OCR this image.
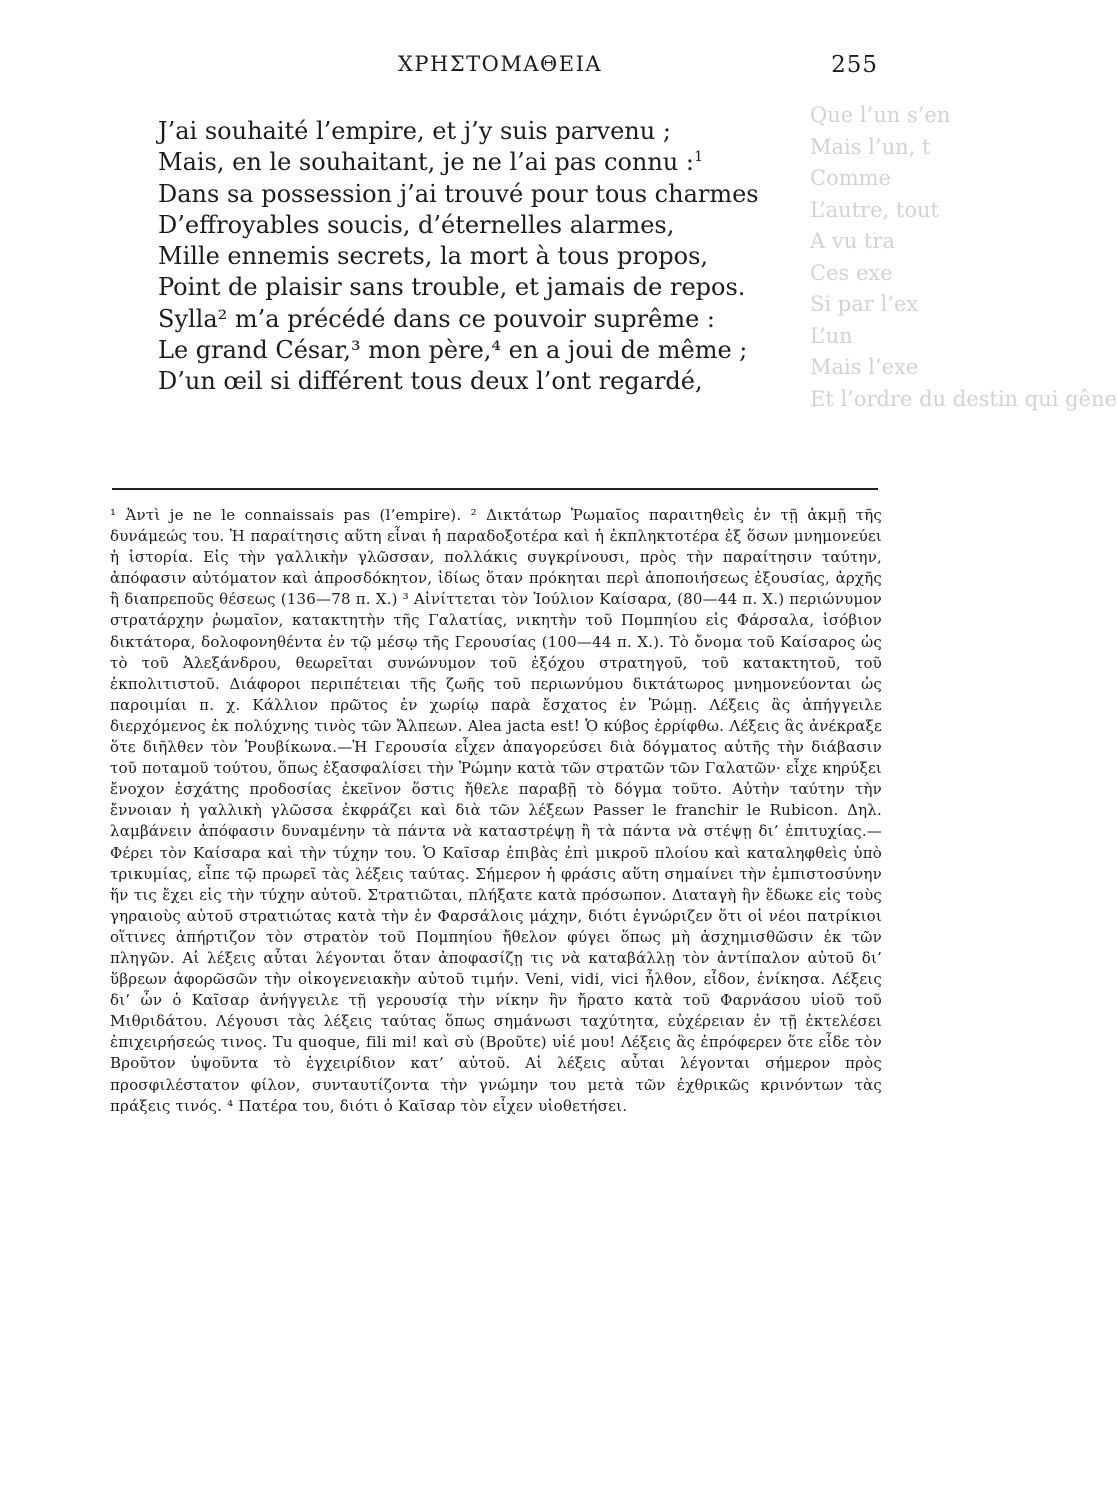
Que l’un s’en
Mais l’un, t
Comme
L’autre, tout
A vu tra
Ces exe
Si par l’ex
L’un
Mais l’exe
Et l’ordre du destin qui gêne
ΧΡΗΣΤΟΜΑΘΕΙΑ	255
J’ai souhaité l’empire, et j’y suis parvenu ;
Mais, en le souhaitant, je ne l’ai pas connu :$^1$
Dans sa possession j’ai trouvé pour tous charmes
D’effroyables soucis, d’éternelles alarmes,
Mille ennemis secrets, la mort à tous propos,
Point de plaisir sans trouble, et jamais de repos.
Sylla² m’a précédé dans ce pouvoir suprême :
Le grand César,³ mon père,⁴ en a joui de même ;
D’un œil si différent tous deux l’ont regardé,

¹ Ἀντὶ je ne le connaissais pas (l’empire). ² Δικτάτωρ Ῥωμαῖος παραιτηθεὶς ἐν τῇ ἀκμῇ τῆς δυνάμεώς του. Ἡ παραίτησις αὕτη εἶναι ἡ παραδοξοτέρα καὶ ἡ ἐκπληκτοτέρα ἐξ ὅσων μνημονεύει ἡ ἱστορία. Εἰς τὴν γαλλικὴν γλῶσσαν, πολλάκις συγκρίνουσι, πρὸς τὴν παραίτησιν ταύτην, ἀπόφασιν αὐτόματον καὶ ἀπροσδόκητον, ἰδίως ὅταν πρόκηται περὶ ἀποποιήσεως ἐξουσίας, ἀρχῆς ἢ διαπρεποῦς θέσεως (136—78 π. Χ.) ³ Αἰνίττεται τὸν Ἰούλιον Καίσαρα, (80—44 π. Χ.) περιώνυμον στρατάρχην ῥωμαῖον, κατακτητὴν τῆς Γαλατίας, νικητὴν τοῦ Πομπηίου εἰς Φάρσαλα, ἰσόβιον δικτάτορα, δολοφονηθέντα ἐν τῷ μέσῳ τῆς Γερουσίας (100—44 π. Χ.). Τὸ ὄνομα τοῦ Καίσαρος ὡς τὸ τοῦ Ἀλεξάνδρου, θεωρεῖται συνώνυμον τοῦ ἐξόχου στρατηγοῦ, τοῦ κατακτητοῦ, τοῦ ἐκπολιτιστοῦ. Διάφοροι περιπέτειαι τῆς ζωῆς τοῦ περιωνύμου δικτάτωρος μνημονεύονται ὡς παροιμίαι π. χ. Κάλλιον πρῶτος ἐν χωρίῳ παρὰ ἔσχατος ἐν Ῥώμῃ. Λέξεις ἃς ἀπήγγειλε διερχόμενος ἐκ πολύχνης τινὸς τῶν Ἄλπεων. Alea jacta est! Ὁ κύβος ἐρρίφθω. Λέξεις ἃς ἀνέκραξε ὅτε διῆλθεν τὸν Ῥουβίκωνα.—Ἡ Γερουσία εἶχεν ἀπαγορεύσει διὰ δόγματος αὐτῆς τὴν διάβασιν τοῦ ποταμοῦ τούτου, ὅπως ἐξασφαλίσει τὴν Ῥώμην κατὰ τῶν στρατῶν τῶν Γαλατῶν· εἶχε κηρύξει ἔνοχον ἐσχάτης προδοσίας ἐκεῖνον ὅστις ἤθελε παραβῇ τὸ δόγμα τοῦτο. Αὐτὴν ταύτην τὴν ἔννοιαν ἡ γαλλικὴ γλῶσσα ἐκφράζει καὶ διὰ τῶν λέξεων Passer le franchir le Rubicon. Δηλ. λαμβάνειν ἀπόφασιν δυναμένην τὰ πάντα νὰ καταστρέψῃ ἢ τὰ πάντα νὰ στέψῃ δι’ ἐπιτυχίας.—Φέρει τὸν Καίσαρα καὶ τὴν τύχην του. Ὁ Καῖσαρ ἐπιβὰς ἐπὶ μικροῦ πλοίου καὶ καταληφθεὶς ὑπὸ τρικυμίας, εἶπε τῷ πρωρεῖ τὰς λέξεις ταύτας. Σήμερον ἡ φράσις αὕτη σημαίνει τὴν ἐμπιστοσύνην ἥν τις ἔχει εἰς τὴν τύχην αὐτοῦ. Στρατιῶται, πλήξατε κατὰ πρόσωπον. Διαταγὴ ἣν ἔδωκε εἰς τοὺς γηραιοὺς αὐτοῦ στρατιώτας κατὰ τὴν ἐν Φαρσάλοις μάχην, διότι ἐγνώριζεν ὅτι οἱ νέοι πατρίκιοι οἵτινες ἀπήρτιζον τὸν στρατὸν τοῦ Πομπηίου ἤθελον φύγει ὅπως μὴ ἀσχημισθῶσιν ἐκ τῶν πληγῶν. Αἱ λέξεις αὗται λέγονται ὅταν ἀποφασίζῃ τις νὰ καταβάλλῃ τὸν ἀντίπαλον αὐτοῦ δι’ ὕβρεων ἀφορῶσῶν τὴν οἰκογενειακὴν αὐτοῦ τιμήν. Veni, vidi, vici ἦλθον, εἶδον, ἐνίκησα. Λέξεις δι’ ὧν ὁ Καῖσαρ ἀνήγγειλε τῇ γερουσίᾳ τὴν νίκην ἣν ἤρατο κατὰ τοῦ Φαρνάσου υἱοῦ τοῦ Μιθριδάτου. Λέγουσι τὰς λέξεις ταύτας ὅπως σημάνωσι ταχύτητα, εὐχέρειαν ἐν τῇ ἐκτελέσει ἐπιχειρήσεώς τινος. Tu quoque, fili mi! καὶ σὺ (Βροῦτε) υἱέ μου! Λέξεις ἃς ἐπρόφερεν ὅτε εἶδε τὸν Βροῦτον ὑψοῦντα τὸ ἐγχειρίδιον κατ’ αὐτοῦ. Αἱ λέξεις αὗται λέγονται σήμερον πρὸς προσφιλέστατον φίλον, συνταυτίζοντα τὴν γνώμην του μετὰ τῶν ἐχθρικῶς κρινόντων τὰς πράξεις τινός. ⁴ Πατέρα του, διότι ὁ Καῖσαρ τὸν εἶχεν υἱοθετήσει.
